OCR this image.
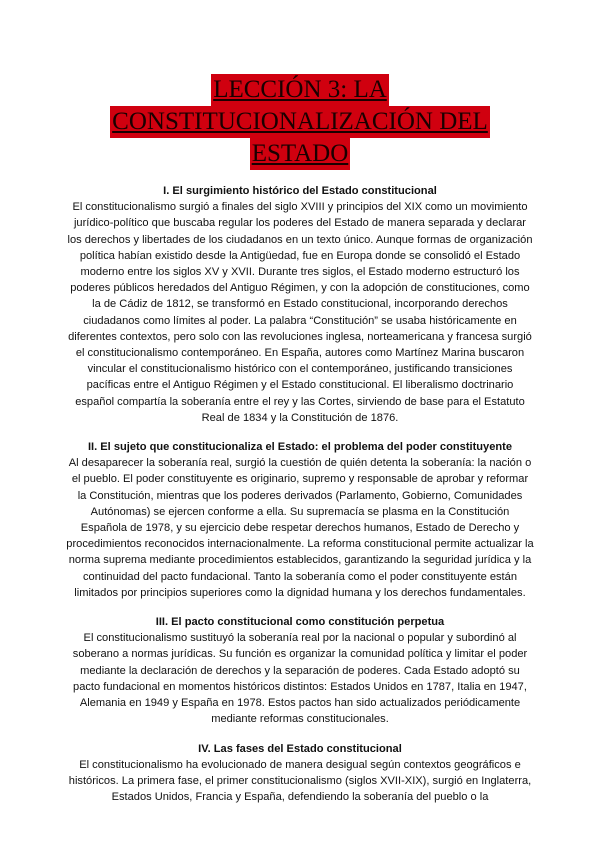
LECCIÓN 3: LA
CONSTITUCIONALIZACIÓN DEL
ESTADO
I. El surgimiento histórico del Estado constitucional

El constitucionalismo surgió a finales del siglo XVIII y principios del XIX como un movimiento jurídico-político que buscaba regular los poderes del Estado de manera separada y declarar los derechos y libertades de los ciudadanos en un texto único. Aunque formas de organización política habían existido desde la Antigüedad, fue en Europa donde se consolidó el Estado moderno entre los siglos XV y XVII. Durante tres siglos, el Estado moderno estructuró los poderes públicos heredados del Antiguo Régimen, y con la adopción de constituciones, como la de Cádiz de 1812, se transformó en Estado constitucional, incorporando derechos ciudadanos como límites al poder. La palabra “Constitución” se usaba históricamente en diferentes contextos, pero solo con las revoluciones inglesa, norteamericana y francesa surgió el constitucionalismo contemporáneo. En España, autores como Martínez Marina buscaron vincular el constitucionalismo histórico con el contemporáneo, justificando transiciones pacíficas entre el Antiguo Régimen y el Estado constitucional. El liberalismo doctrinario español compartía la soberanía entre el rey y las Cortes, sirviendo de base para el Estatuto Real de 1834 y la Constitución de 1876.

II. El sujeto que constitucionaliza el Estado: el problema del poder constituyente

Al desaparecer la soberanía real, surgió la cuestión de quién detenta la soberanía: la nación o el pueblo. El poder constituyente es originario, supremo y responsable de aprobar y reformar la Constitución, mientras que los poderes derivados (Parlamento, Gobierno, Comunidades Autónomas) se ejercen conforme a ella. Su supremacía se plasma en la Constitución Española de 1978, y su ejercicio debe respetar derechos humanos, Estado de Derecho y procedimientos reconocidos internacionalmente. La reforma constitucional permite actualizar la norma suprema mediante procedimientos establecidos, garantizando la seguridad jurídica y la continuidad del pacto fundacional. Tanto la soberanía como el poder constituyente están limitados por principios superiores como la dignidad humana y los derechos fundamentales.

III. El pacto constitucional como constitución perpetua

El constitucionalismo sustituyó la soberanía real por la nacional o popular y subordinó al soberano a normas jurídicas. Su función es organizar la comunidad política y limitar el poder mediante la declaración de derechos y la separación de poderes. Cada Estado adoptó su pacto fundacional en momentos históricos distintos: Estados Unidos en 1787, Italia en 1947, Alemania en 1949 y España en 1978. Estos pactos han sido actualizados periódicamente mediante reformas constitucionales.

IV. Las fases del Estado constitucional

El constitucionalismo ha evolucionado de manera desigual según contextos geográficos e históricos. La primera fase, el primer constitucionalismo (siglos XVII-XIX), surgió en Inglaterra, Estados Unidos, Francia y España, defendiendo la soberanía del pueblo o la
